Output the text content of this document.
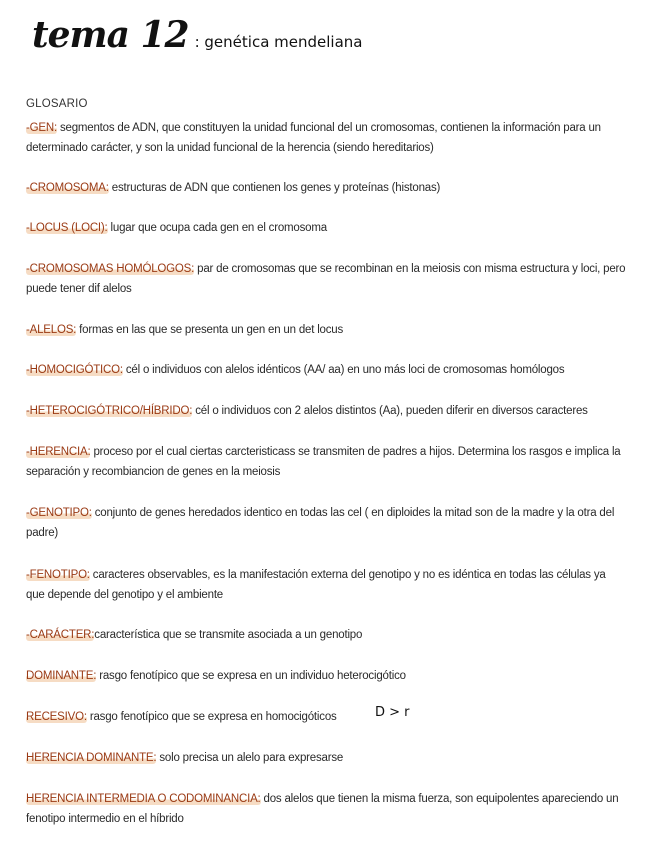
tema 12 : genética mendeliana
GLOSARIO
-GEN: segmentos de ADN, que constituyen la unidad funcional del un cromosomas, contienen la información para un determinado carácter, y son la unidad funcional de la herencia (siendo hereditarios)
-CROMOSOMA: estructuras de ADN que contienen los genes y proteínas (histonas)
-LOCUS (LOCI): lugar que ocupa cada gen en el cromosoma
-CROMOSOMAS HOMÓLOGOS: par de cromosomas que se recombinan en la meiosis con misma estructura y loci, pero puede tener dif alelos
-ALELOS: formas en las que se presenta un gen en un det locus
-HOMOCIGÓTICO: cél o individuos con alelos idénticos (AA/ aa) en uno más loci de cromosomas homólogos
-HETEROCIGÓTRICO/HÍBRIDO: cél o individuos con 2 alelos distintos (Aa), pueden diferir en diversos caracteres
-HERENCIA: proceso por el cual ciertas carcteristicass se transmiten de padres a hijos. Determina los rasgos e implica la separación y recombiancion de genes en la meiosis
-GENOTIPO: conjunto de genes heredados identico en todas las cel ( en diploides la mitad son de la madre y la otra del padre)
-FENOTIPO: caracteres observables, es la manifestación externa del genotipo y no es idéntica en todas las células ya que depende del genotipo y el ambiente
-CARÁCTER:característica que se transmite asociada a un genotipo
DOMINANTE: rasgo fenotípico que se expresa en un individuo heterocigótico
RECESIVO: rasgo fenotípico que se expresa en homocigóticos
HERENCIA DOMINANTE: solo precisa un alelo para expresarse
HERENCIA INTERMEDIA O CODOMINANCIA: dos alelos que tienen la misma fuerza, son equipolentes apareciendo un fenotipo intermedio en el híbrido
D > r
